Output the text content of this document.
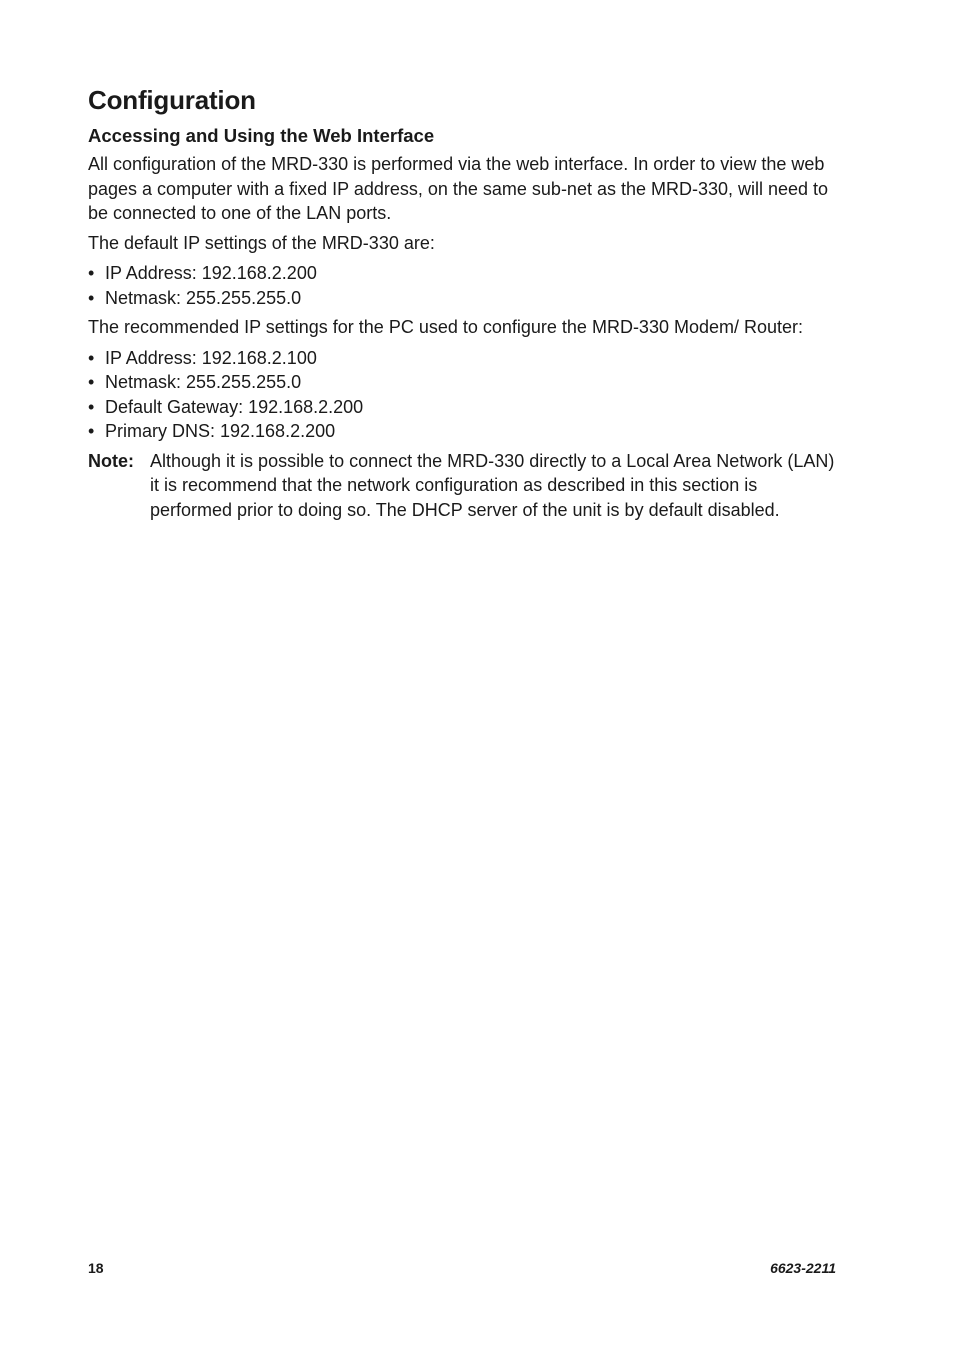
Configuration
Accessing and Using the Web Interface

All configuration of the MRD-330 is performed via the web interface. In order to view the web pages a computer with a fixed IP address, on the same sub-net as the MRD-330, will need to be connected to one of the LAN ports.

The default IP settings of the MRD-330 are:

• IP Address: 192.168.2.200
• Netmask: 255.255.255.0

The recommended IP settings for the PC used to configure the MRD-330 Modem/ Router:

• IP Address: 192.168.2.100
• Netmask: 255.255.255.0
• Default Gateway: 192.168.2.200
• Primary DNS: 192.168.2.200
Note: Although it is possible to connect the MRD-330 directly to a Local Area Network (LAN) it is recommend that the network configuration as described in this section is performed prior to doing so. The DHCP server of the unit is by default disabled.
18	6623-2211
